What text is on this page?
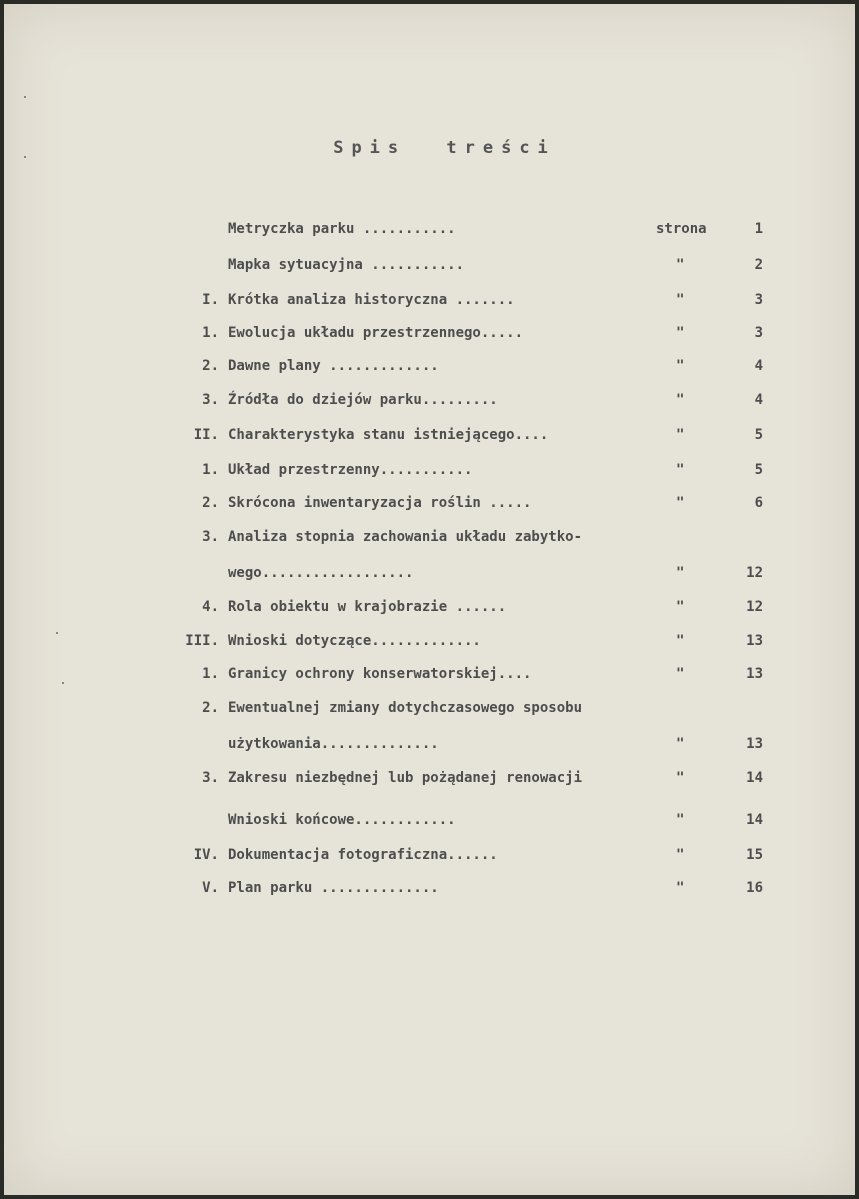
Spis treści
Metryczka parku ...........	strona	1
Mapka sytuacyjna ...........	"	2
I. Krótka analiza historyczna .......	"	3
1. Ewolucja układu przestrzennego.....	"	3
2. Dawne plany .............	"	4
3. Źródła do dziejów parku.........	"	4
II. Charakterystyka stanu istniejącego....	"	5
1. Układ przestrzenny...........	"	5
2. Skrócona inwentaryzacja roślin .....	"	6
3. Analiza stopnia zachowania układu zabytko-
wego..................	"	12
4. Rola obiektu w krajobrazie ......	"	12
III. Wnioski dotyczące.............	"	13
1. Granicy ochrony konserwatorskiej....	"	13
2. Ewentualnej zmiany dotychczasowego sposobu
użytkowania..............	"	13
3. Zakresu niezbędnej lub pożądanej renowacji	"	14
Wnioski końcowe............	"	14
IV. Dokumentacja fotograficzna......	"	15
V. Plan parku ..............	"	16
